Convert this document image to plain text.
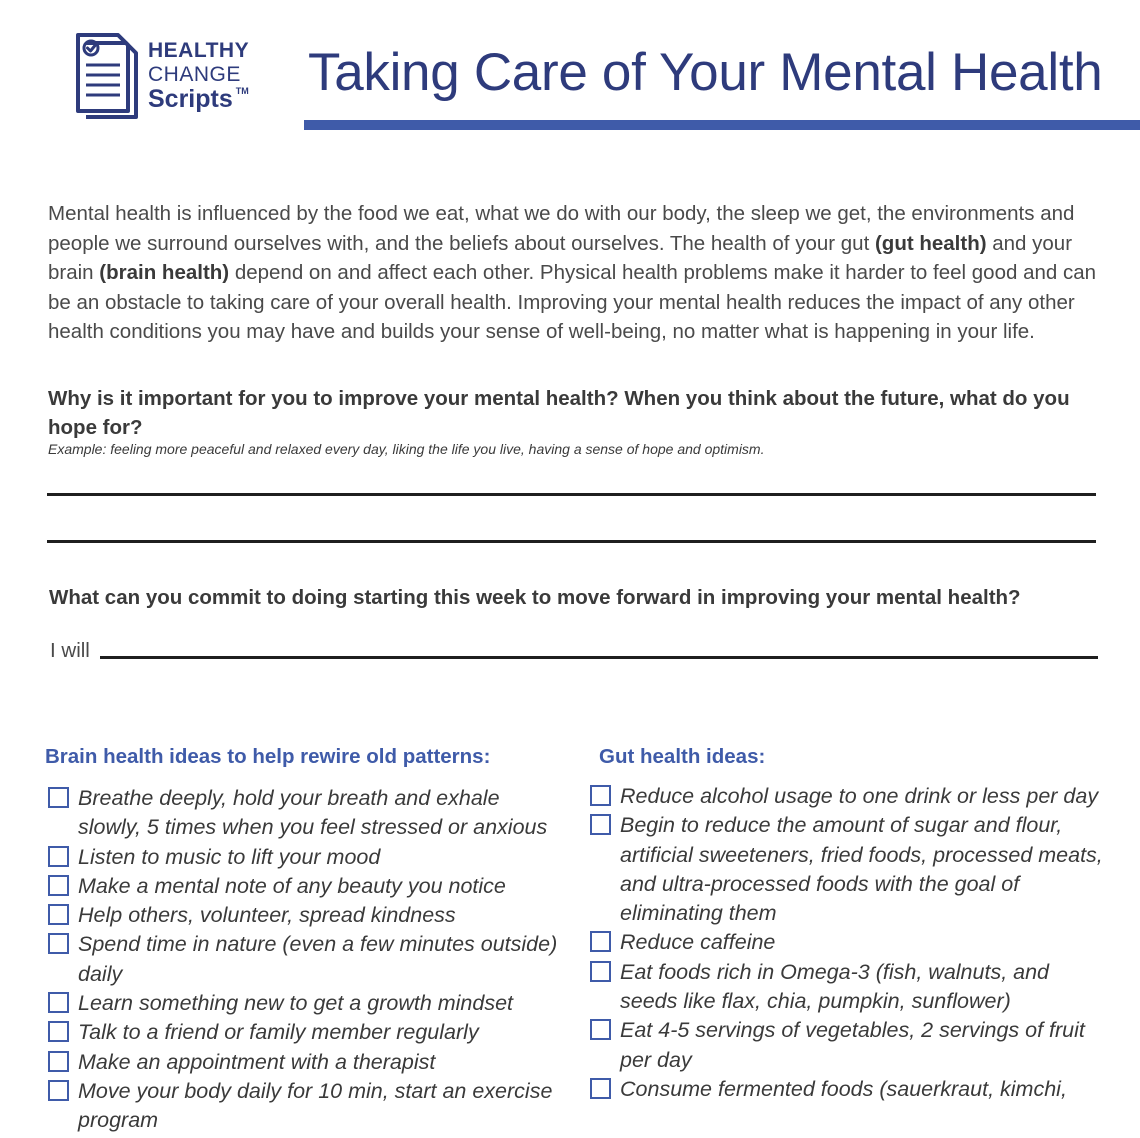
HEALTHY
CHANGE
Scripts ™ Taking Care of Your Mental Health

Mental health is influenced by the food we eat, what we do with our body, the sleep we get, the environments and people we surround ourselves with, and the beliefs about ourselves. The health of your gut (gut health) and your brain (brain health) depend on and affect each other. Physical health problems make it harder to feel good and can be an obstacle to taking care of your overall health. Improving your mental health reduces the impact of any other health conditions you may have and builds your sense of well-being, no matter what is happening in your life.

Why is it important for you to improve your mental health? When you think about the future, what do you hope for?
Example: feeling more peaceful and relaxed every day, liking the life you live, having a sense of hope and optimism.
What can you commit to doing starting this week to move forward in improving your mental health?
I will
Brain health ideas to help rewire old patterns:
Breathe deeply, hold your breath and exhale slowly, 5 times when you feel stressed or anxious
Listen to music to lift your mood
Make a mental note of any beauty you notice
Help others, volunteer, spread kindness
Spend time in nature (even a few minutes outside) daily
Learn something new to get a growth mindset
Talk to a friend or family member regularly
Make an appointment with a therapist
Move your body daily for 10 min, start an exercise program
Gut health ideas:
Reduce alcohol usage to one drink or less per day
Begin to reduce the amount of sugar and flour, artificial sweeteners, fried foods, processed meats, and ultra-processed foods with the goal of eliminating them
Reduce caffeine
Eat foods rich in Omega-3 (fish, walnuts, and seeds like flax, chia, pumpkin, sunflower)
Eat 4-5 servings of vegetables, 2 servings of fruit per day
Consume fermented foods (sauerkraut, kimchi,
